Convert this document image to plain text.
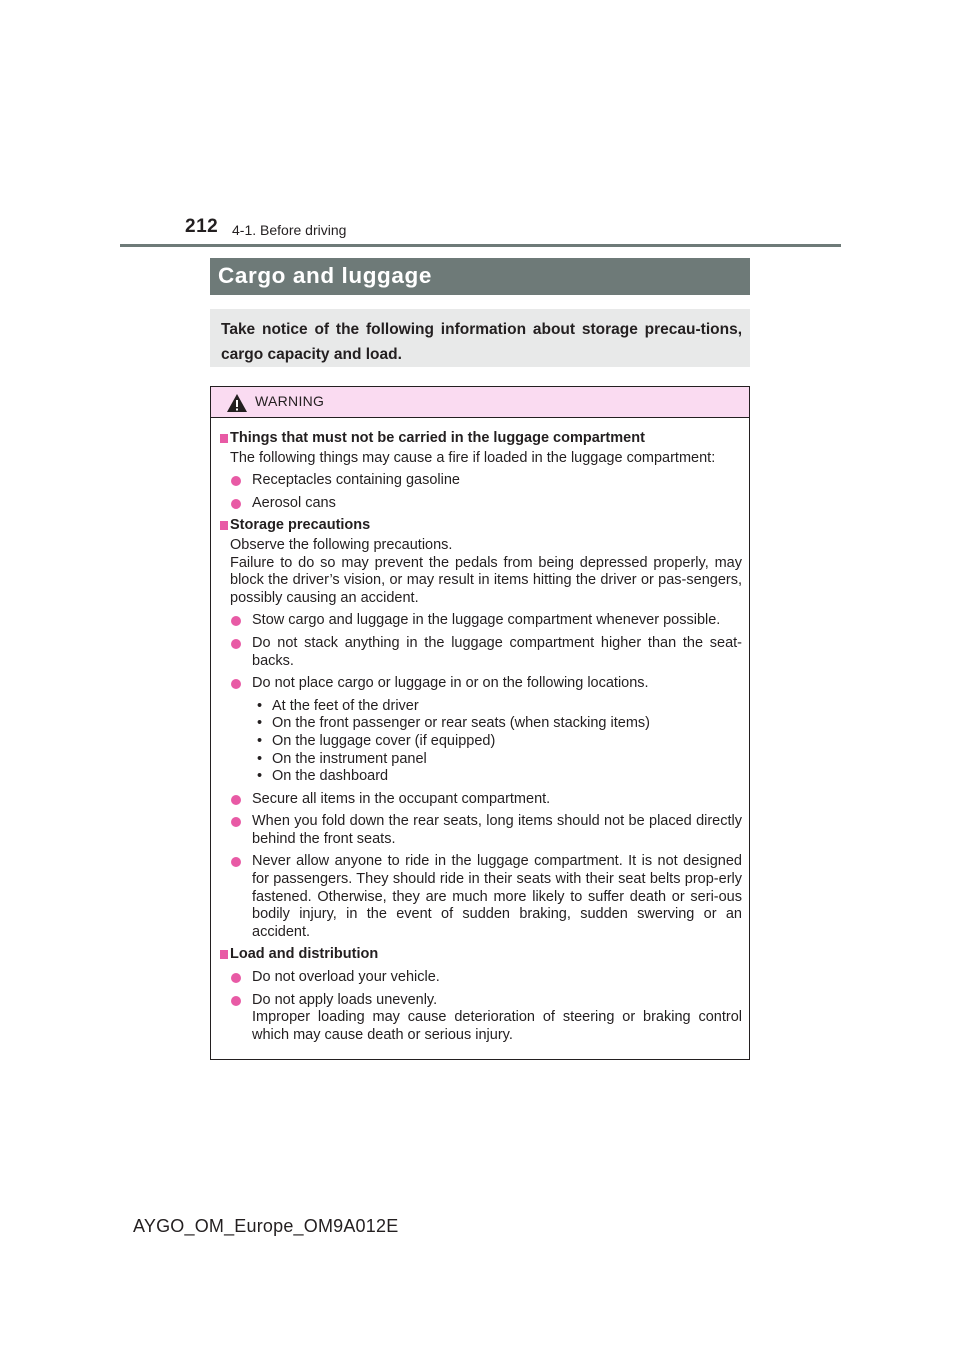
212 4-1. Before driving
Cargo and luggage
Take notice of the following information about storage precau-tions, cargo capacity and load.
WARNING
Things that must not be carried in the luggage compartment
The following things may cause a fire if loaded in the luggage compartment:
Receptacles containing gasoline
Aerosol cans
Storage precautions
Observe the following precautions.
Failure to do so may prevent the pedals from being depressed properly, may block the driver’s vision, or may result in items hitting the driver or pas-sengers, possibly causing an accident.
Stow cargo and luggage in the luggage compartment whenever possible.
Do not stack anything in the luggage compartment higher than the seat-backs.
Do not place cargo or luggage in or on the following locations.
• At the feet of the driver
• On the front passenger or rear seats (when stacking items)
• On the luggage cover (if equipped)
• On the instrument panel
• On the dashboard
Secure all items in the occupant compartment.
When you fold down the rear seats, long items should not be placed directly behind the front seats.
Never allow anyone to ride in the luggage compartment. It is not designed for passengers. They should ride in their seats with their seat belts prop-erly fastened. Otherwise, they are much more likely to suffer death or seri-ous bodily injury, in the event of sudden braking, sudden swerving or an accident.
Load and distribution
Do not overload your vehicle.
Do not apply loads unevenly.
Improper loading may cause deterioration of steering or braking control which may cause death or serious injury.
AYGO_OM_Europe_OM9A012E
